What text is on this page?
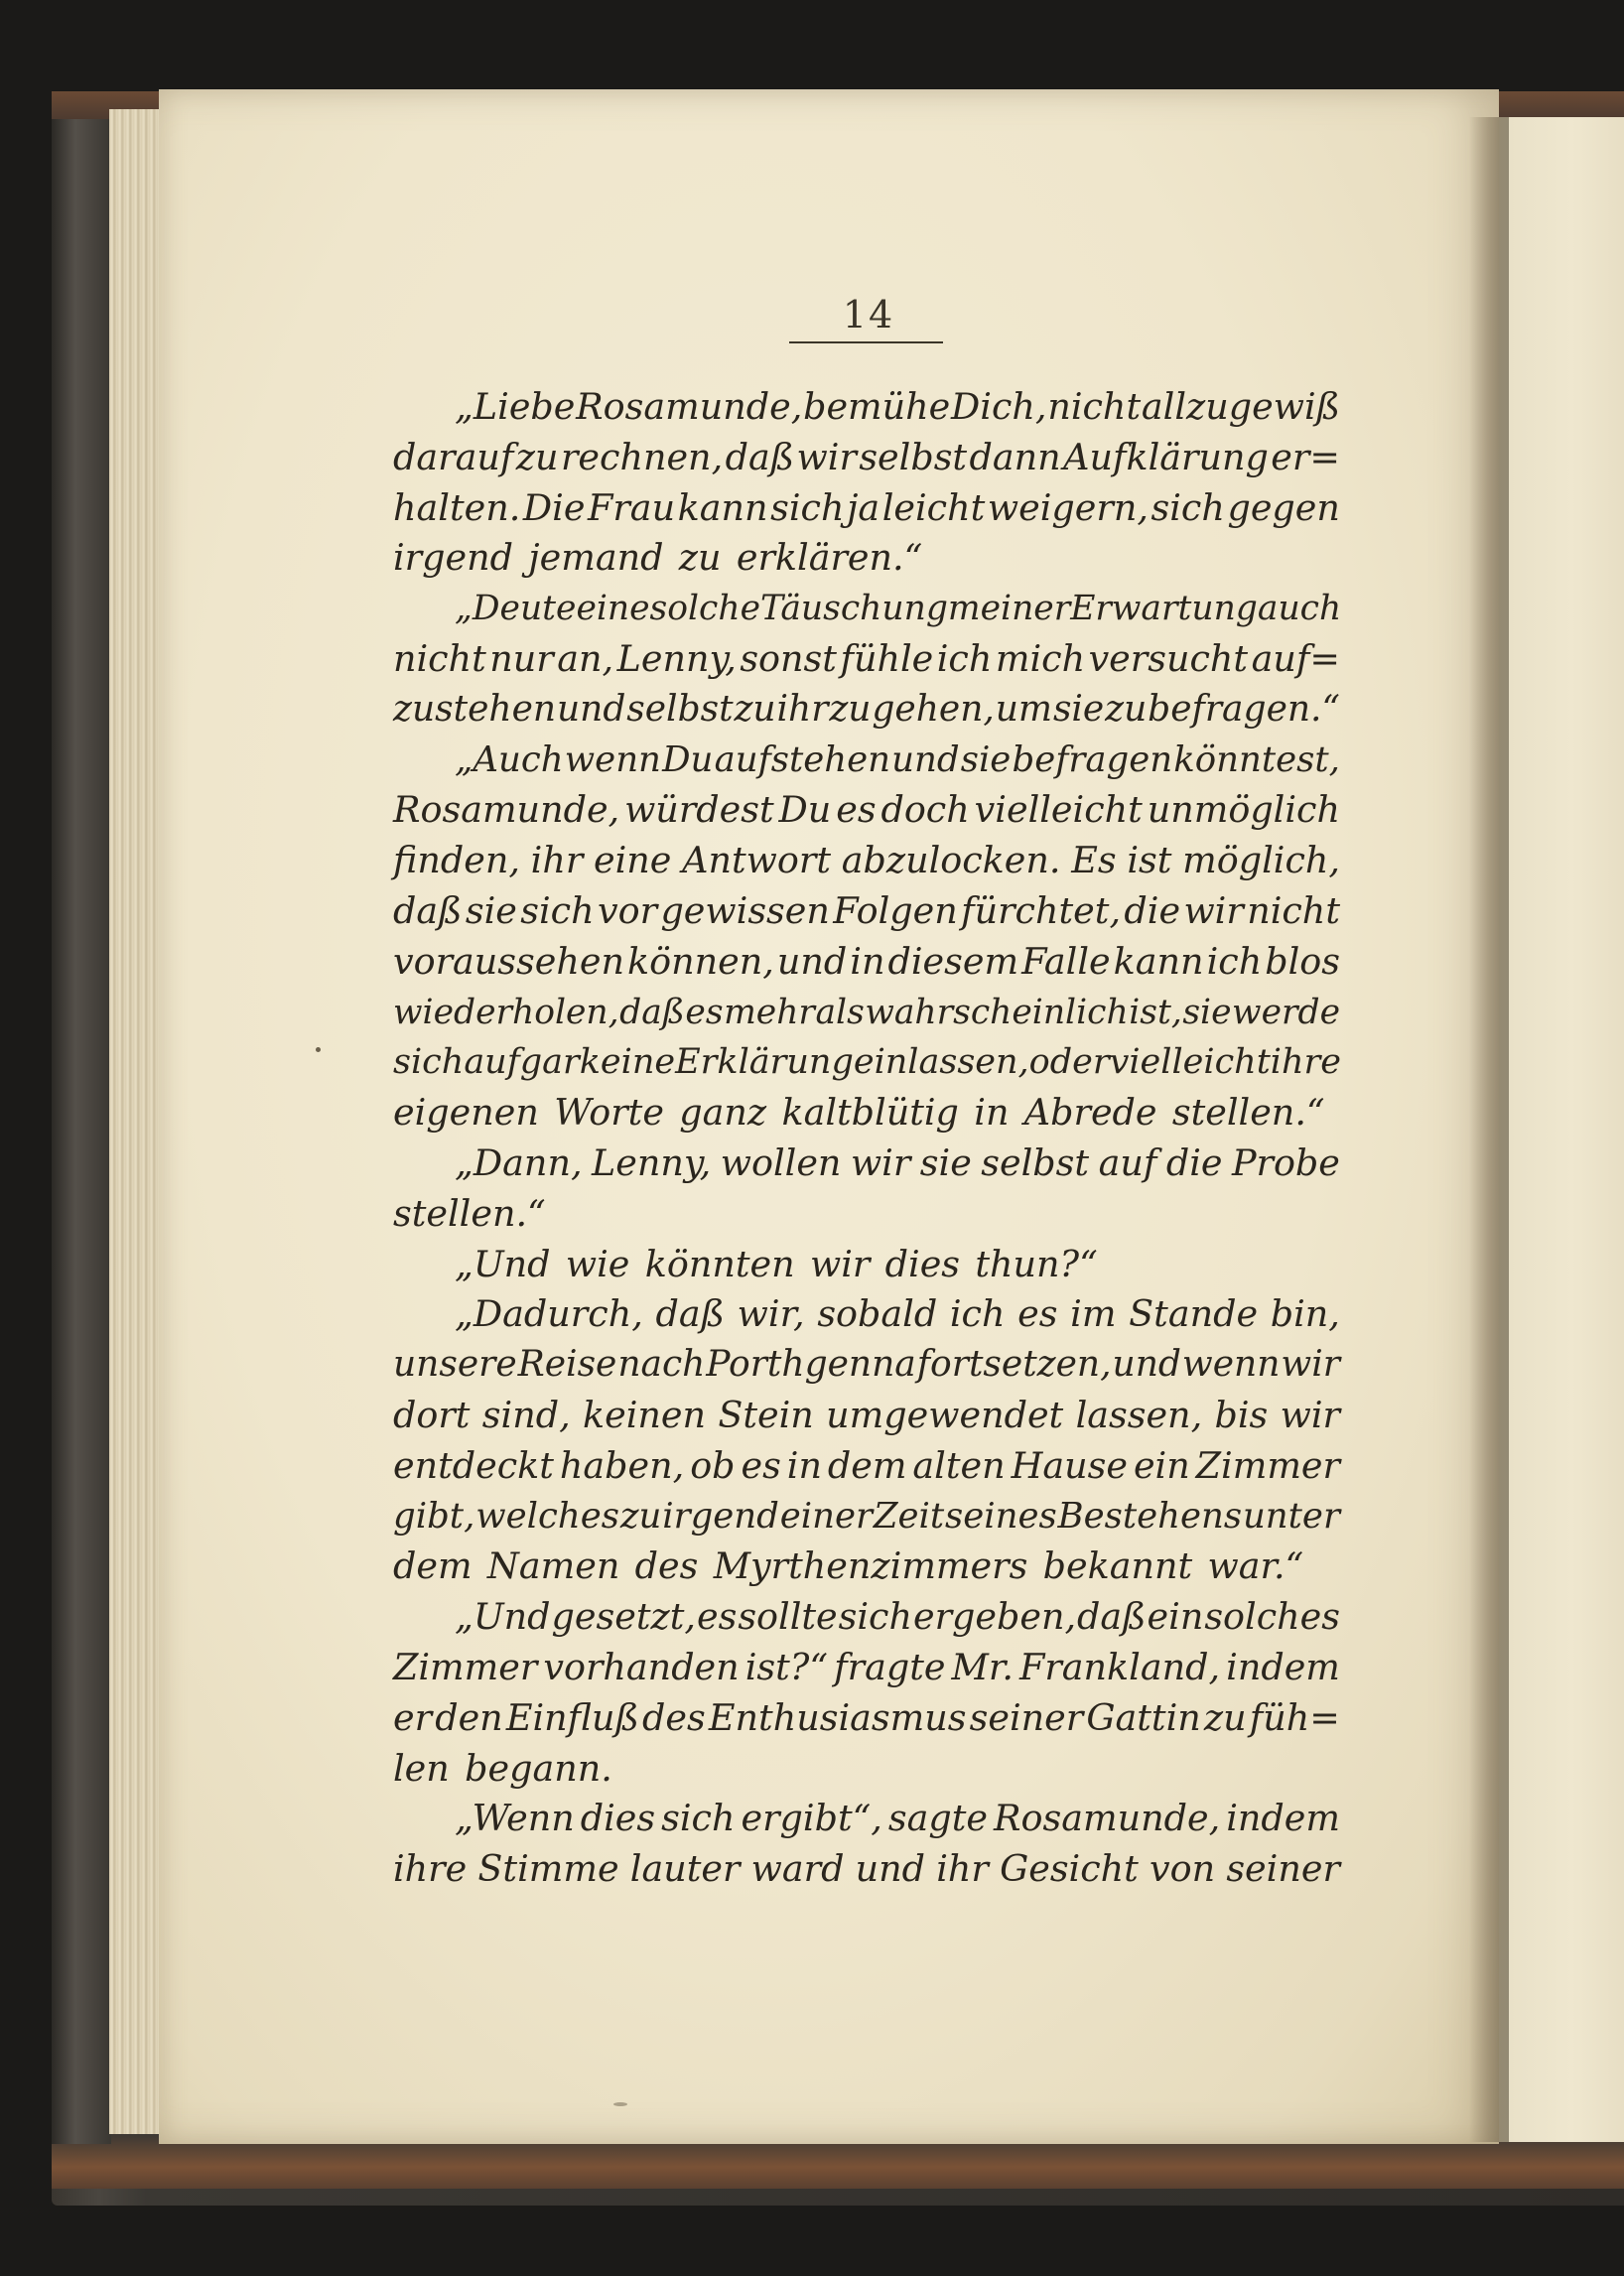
14
„Liebe Rosamunde, bemühe Dich, nicht allzugewiß
darauf zu rechnen, daß wir selbst dann Aufklärung er=
halten. Die Frau kann sich ja leicht weigern, sich gegen
irgend jemand zu erklären.“
„Deute eine solche Täuschung meiner Erwartung auch
nicht nur an, Lenny, sonst fühle ich mich versucht auf=
zustehen und selbst zu ihr zu gehen, um sie zu befragen.“
„Auch wenn Du aufstehen und sie befragen könntest,
Rosamunde, würdest Du es doch vielleicht unmöglich
finden, ihr eine Antwort abzulocken. Es ist möglich,
daß sie sich vor gewissen Folgen fürchtet, die wir nicht
voraussehen können, und in diesem Falle kann ich blos
wiederholen, daß es mehr als wahrscheinlich ist, sie werde
sich auf gar keine Erklärung einlassen, oder vielleicht ihre
eigenen Worte ganz kaltblütig in Abrede stellen.“
„Dann, Lenny, wollen wir sie selbst auf die Probe
stellen.“
„Und wie könnten wir dies thun?“
„Dadurch, daß wir, sobald ich es im Stande bin,
unsere Reise nach Porthgenna fortsetzen, und wenn wir
dort sind, keinen Stein umgewendet lassen, bis wir
entdeckt haben, ob es in dem alten Hause ein Zimmer
gibt, welches zu irgend einer Zeit seines Bestehens unter
dem Namen des Myrthenzimmers bekannt war.“
„Und gesetzt, es sollte sich ergeben, daß ein solches
Zimmer vorhanden ist?“ fragte Mr. Frankland, indem
er den Einfluß des Enthusiasmus seiner Gattin zu füh=
len begann.
„Wenn dies sich ergibt“, sagte Rosamunde, indem
ihre Stimme lauter ward und ihr Gesicht von seiner
